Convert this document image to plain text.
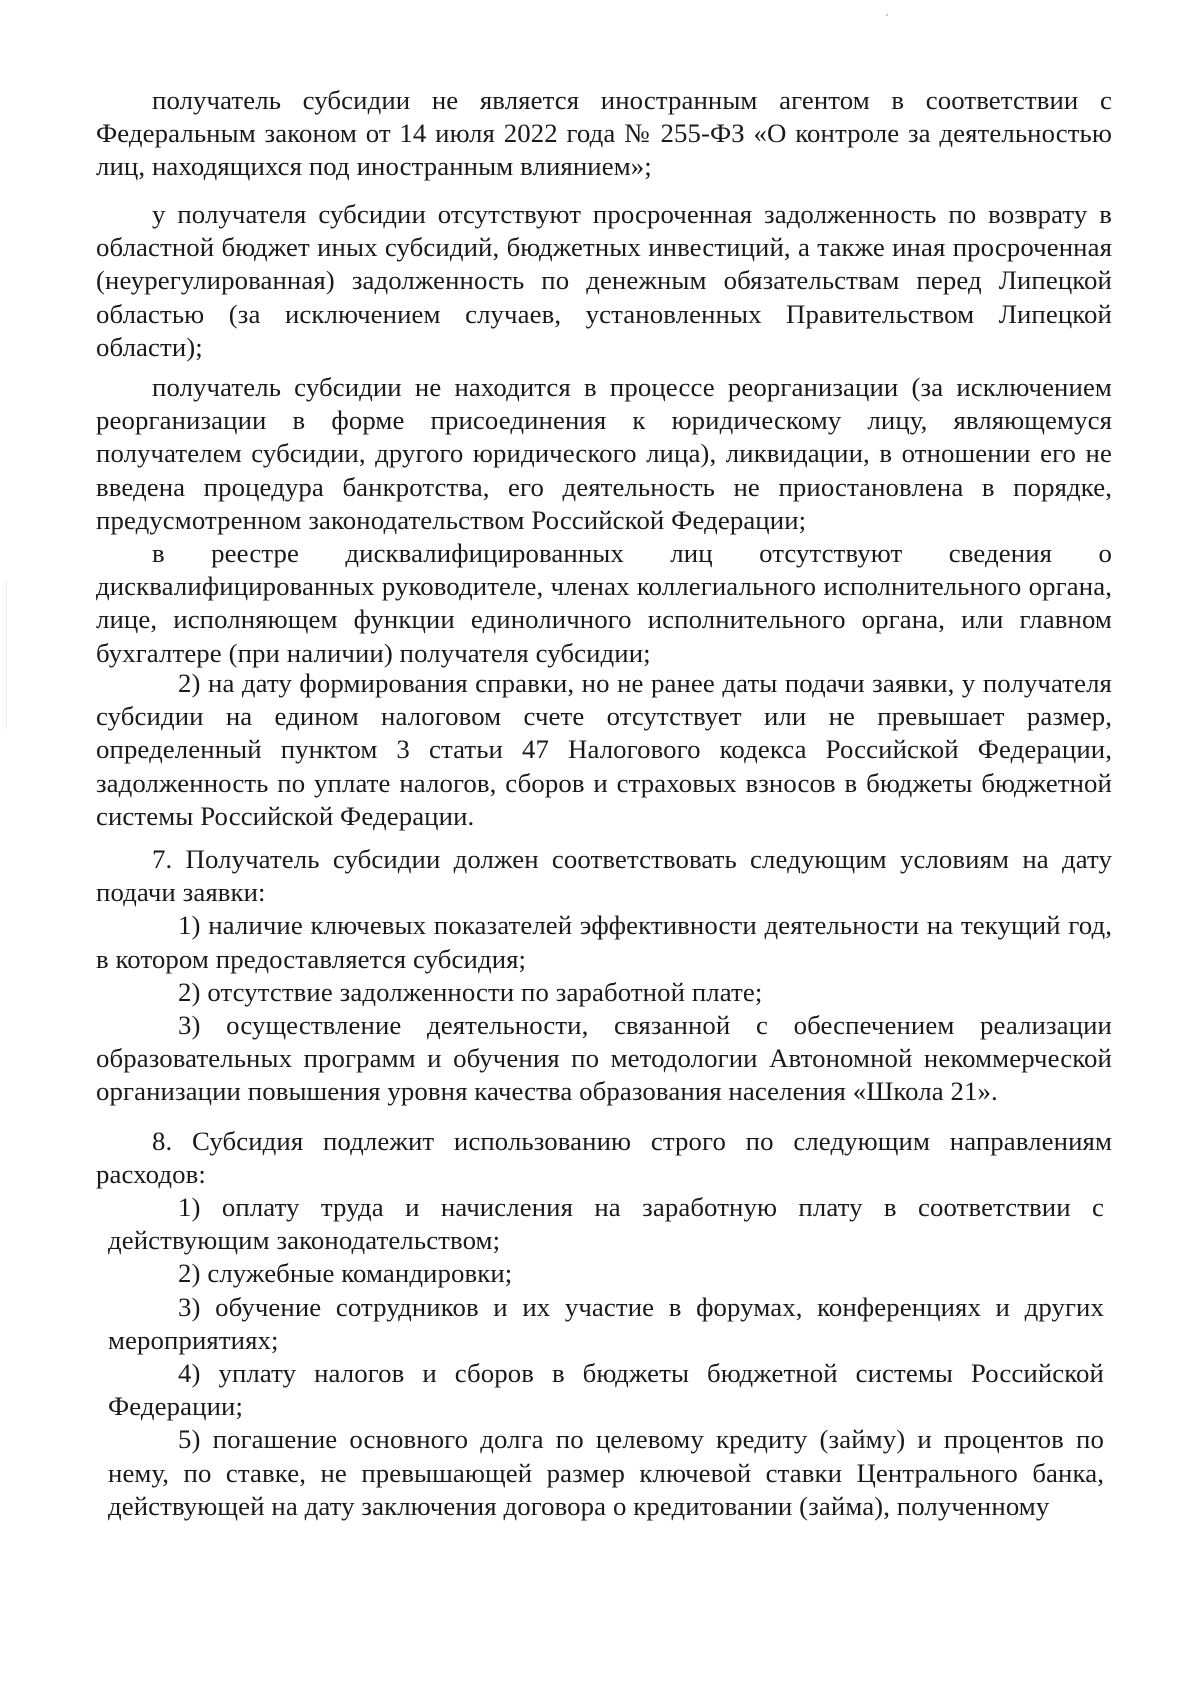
получатель субсидии не является иностранным агентом в соответствии с Федеральным законом от 14 июля 2022 года № 255-ФЗ «О контроле за деятельностью лиц, находящихся под иностранным влиянием»;

у получателя субсидии отсутствуют просроченная задолженность по возврату в областной бюджет иных субсидий, бюджетных инвестиций, а также иная просроченная (неурегулированная) задолженность по денежным обязательствам перед Липецкой областью (за исключением случаев, установленных Правительством Липецкой области);

получатель субсидии не находится в процессе реорганизации (за исключением реорганизации в форме присоединения к юридическому лицу, являющемуся получателем субсидии, другого юридического лица), ликвидации, в отношении его не введена процедура банкротства, его деятельность не приостановлена в порядке, предусмотренном законодательством Российской Федерации;

в реестре дисквалифицированных лиц отсутствуют сведения о дисквалифицированных руководителе, членах коллегиального исполнительного органа, лице, исполняющем функции единоличного исполнительного органа, или главном бухгалтере (при наличии) получателя субсидии;

2) на дату формирования справки, но не ранее даты подачи заявки, у получателя субсидии на едином налоговом счете отсутствует или не превышает размер, определенный пунктом 3 статьи 47 Налогового кодекса Российской Федерации, задолженность по уплате налогов, сборов и страховых взносов в бюджеты бюджетной системы Российской Федерации.

7. Получатель субсидии должен соответствовать следующим условиям на дату подачи заявки:

1) наличие ключевых показателей эффективности деятельности на текущий год, в котором предоставляется субсидия;

2) отсутствие задолженности по заработной плате;

3) осуществление деятельности, связанной с обеспечением реализации образовательных программ и обучения по методологии Автономной некоммерческой организации повышения уровня качества образования населения «Школа 21».

8. Субсидия подлежит использованию строго по следующим направлениям расходов:

1) оплату труда и начисления на заработную плату в соответствии с действующим законодательством;

2) служебные командировки;

3) обучение сотрудников и их участие в форумах, конференциях и других мероприятиях;

4) уплату налогов и сборов в бюджеты бюджетной системы Российской Федерации;

5) погашение основного долга по целевому кредиту (займу) и процентов по нему, по ставке, не превышающей размер ключевой ставки Центрального банка, действующей на дату заключения договора о кредитовании (займа), полученному
